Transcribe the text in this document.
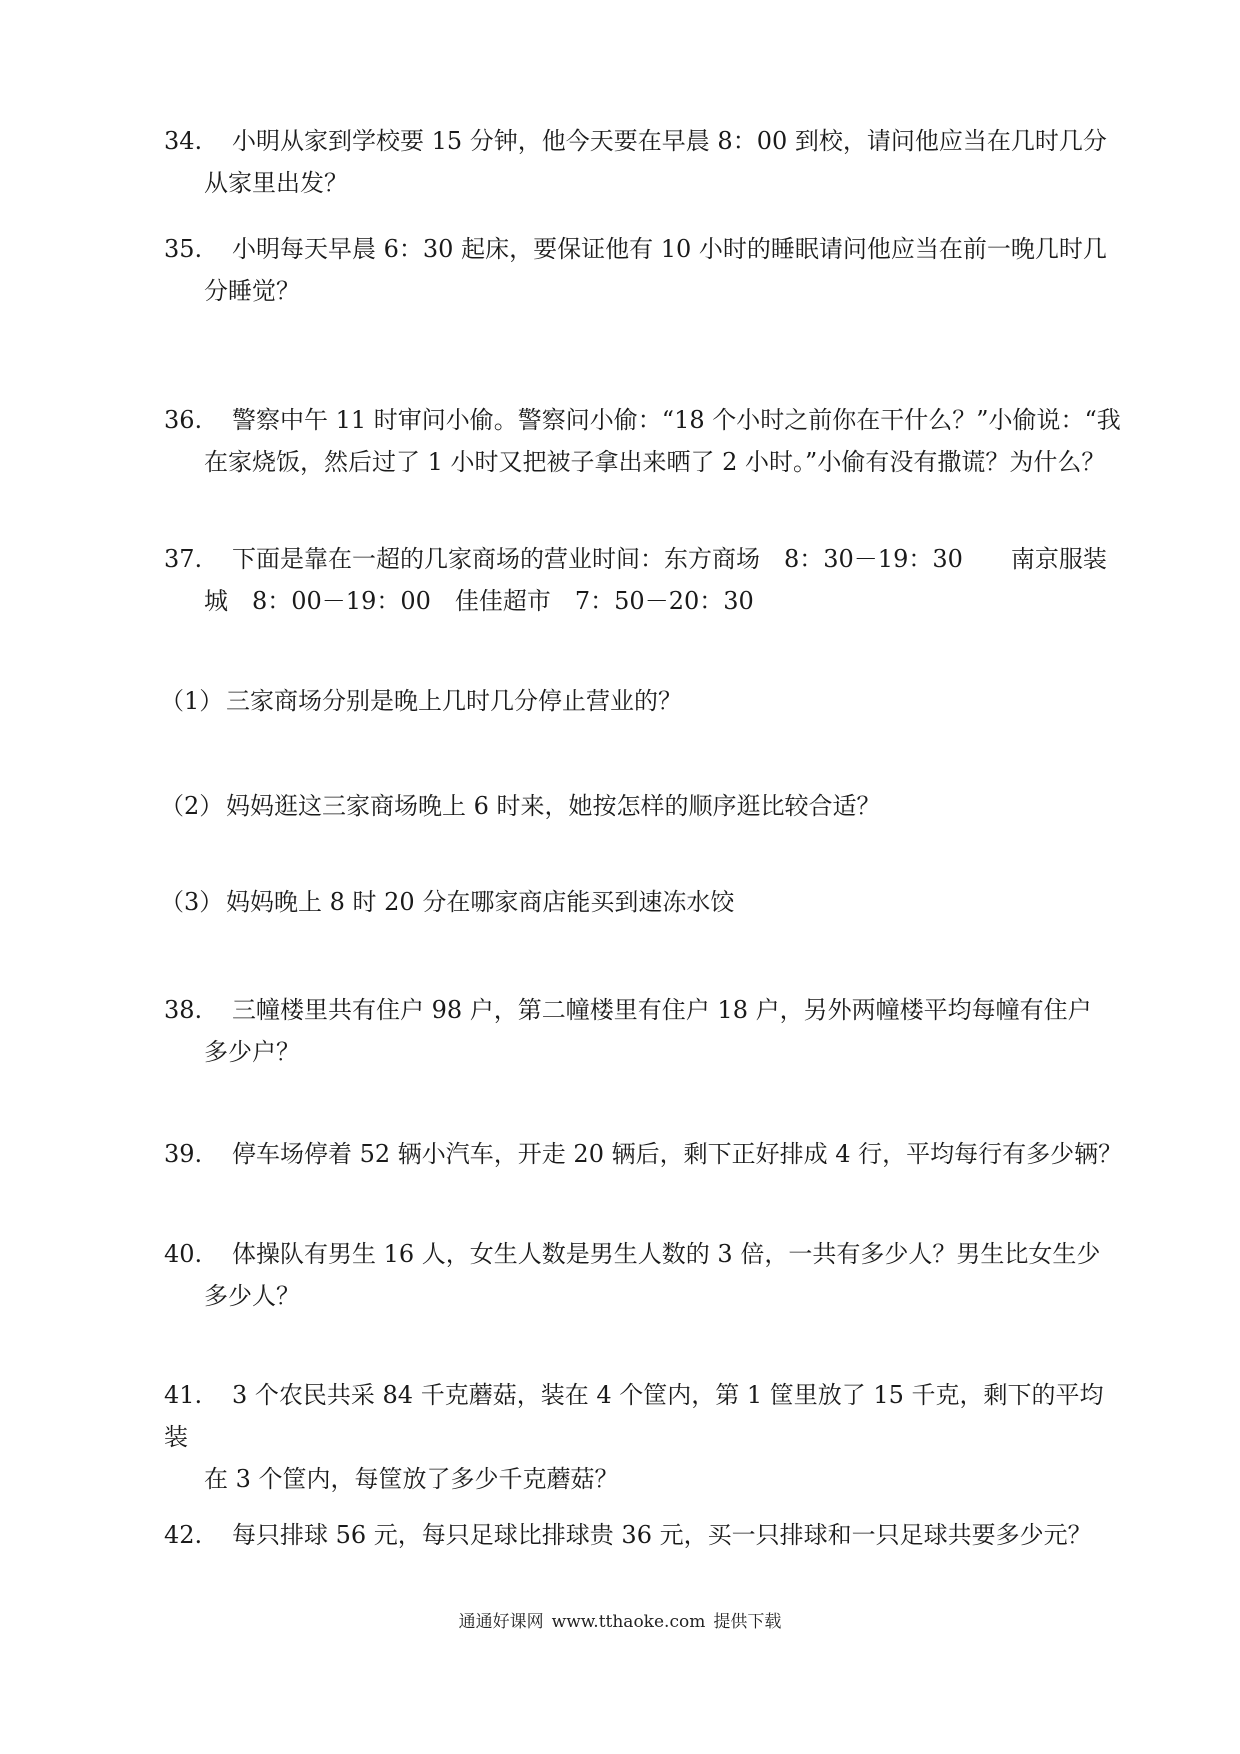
34. 小明从家到学校要 15 分钟，他今天要在早晨 8：00 到校，请问他应当在几时几分
从家里出发？
35. 小明每天早晨 6：30 起床，要保证他有 10 小时的睡眠请问他应当在前一晚几时几
分睡觉？
36. 警察中午 11 时审问小偷。警察问小偷：“18 个小时之前你在干什么？”小偷说：“我
在家烧饭，然后过了 1 小时又把被子拿出来晒了 2 小时。”小偷有没有撒谎？为什么？
37. 下面是靠在一超的几家商场的营业时间：东方商场　8：30－19：30　　南京服装
城　8：00－19：00　佳佳超市　7：50－20：30
（1） 三家商场分别是晚上几时几分停止营业的？
（2） 妈妈逛这三家商场晚上 6 时来，她按怎样的顺序逛比较合适？
（3） 妈妈晚上 8 时 20 分在哪家商店能买到速冻水饺
38. 三幢楼里共有住户 98 户，第二幢楼里有住户 18 户，另外两幢楼平均每幢有住户
多少户？
39. 停车场停着 52 辆小汽车，开走 20 辆后，剩下正好排成 4 行，平均每行有多少辆？
40. 体操队有男生 16 人，女生人数是男生人数的 3 倍，一共有多少人？男生比女生少
多少人？
41. 3 个农民共采 84 千克蘑菇，装在 4 个筐内，第 1 筐里放了 15 千克，剩下的平均装
在 3 个筐内，每筐放了多少千克蘑菇？
42. 每只排球 56 元，每只足球比排球贵 36 元，买一只排球和一只足球共要多少元？
通通好课网 www.tthaoke.com 提供下载
